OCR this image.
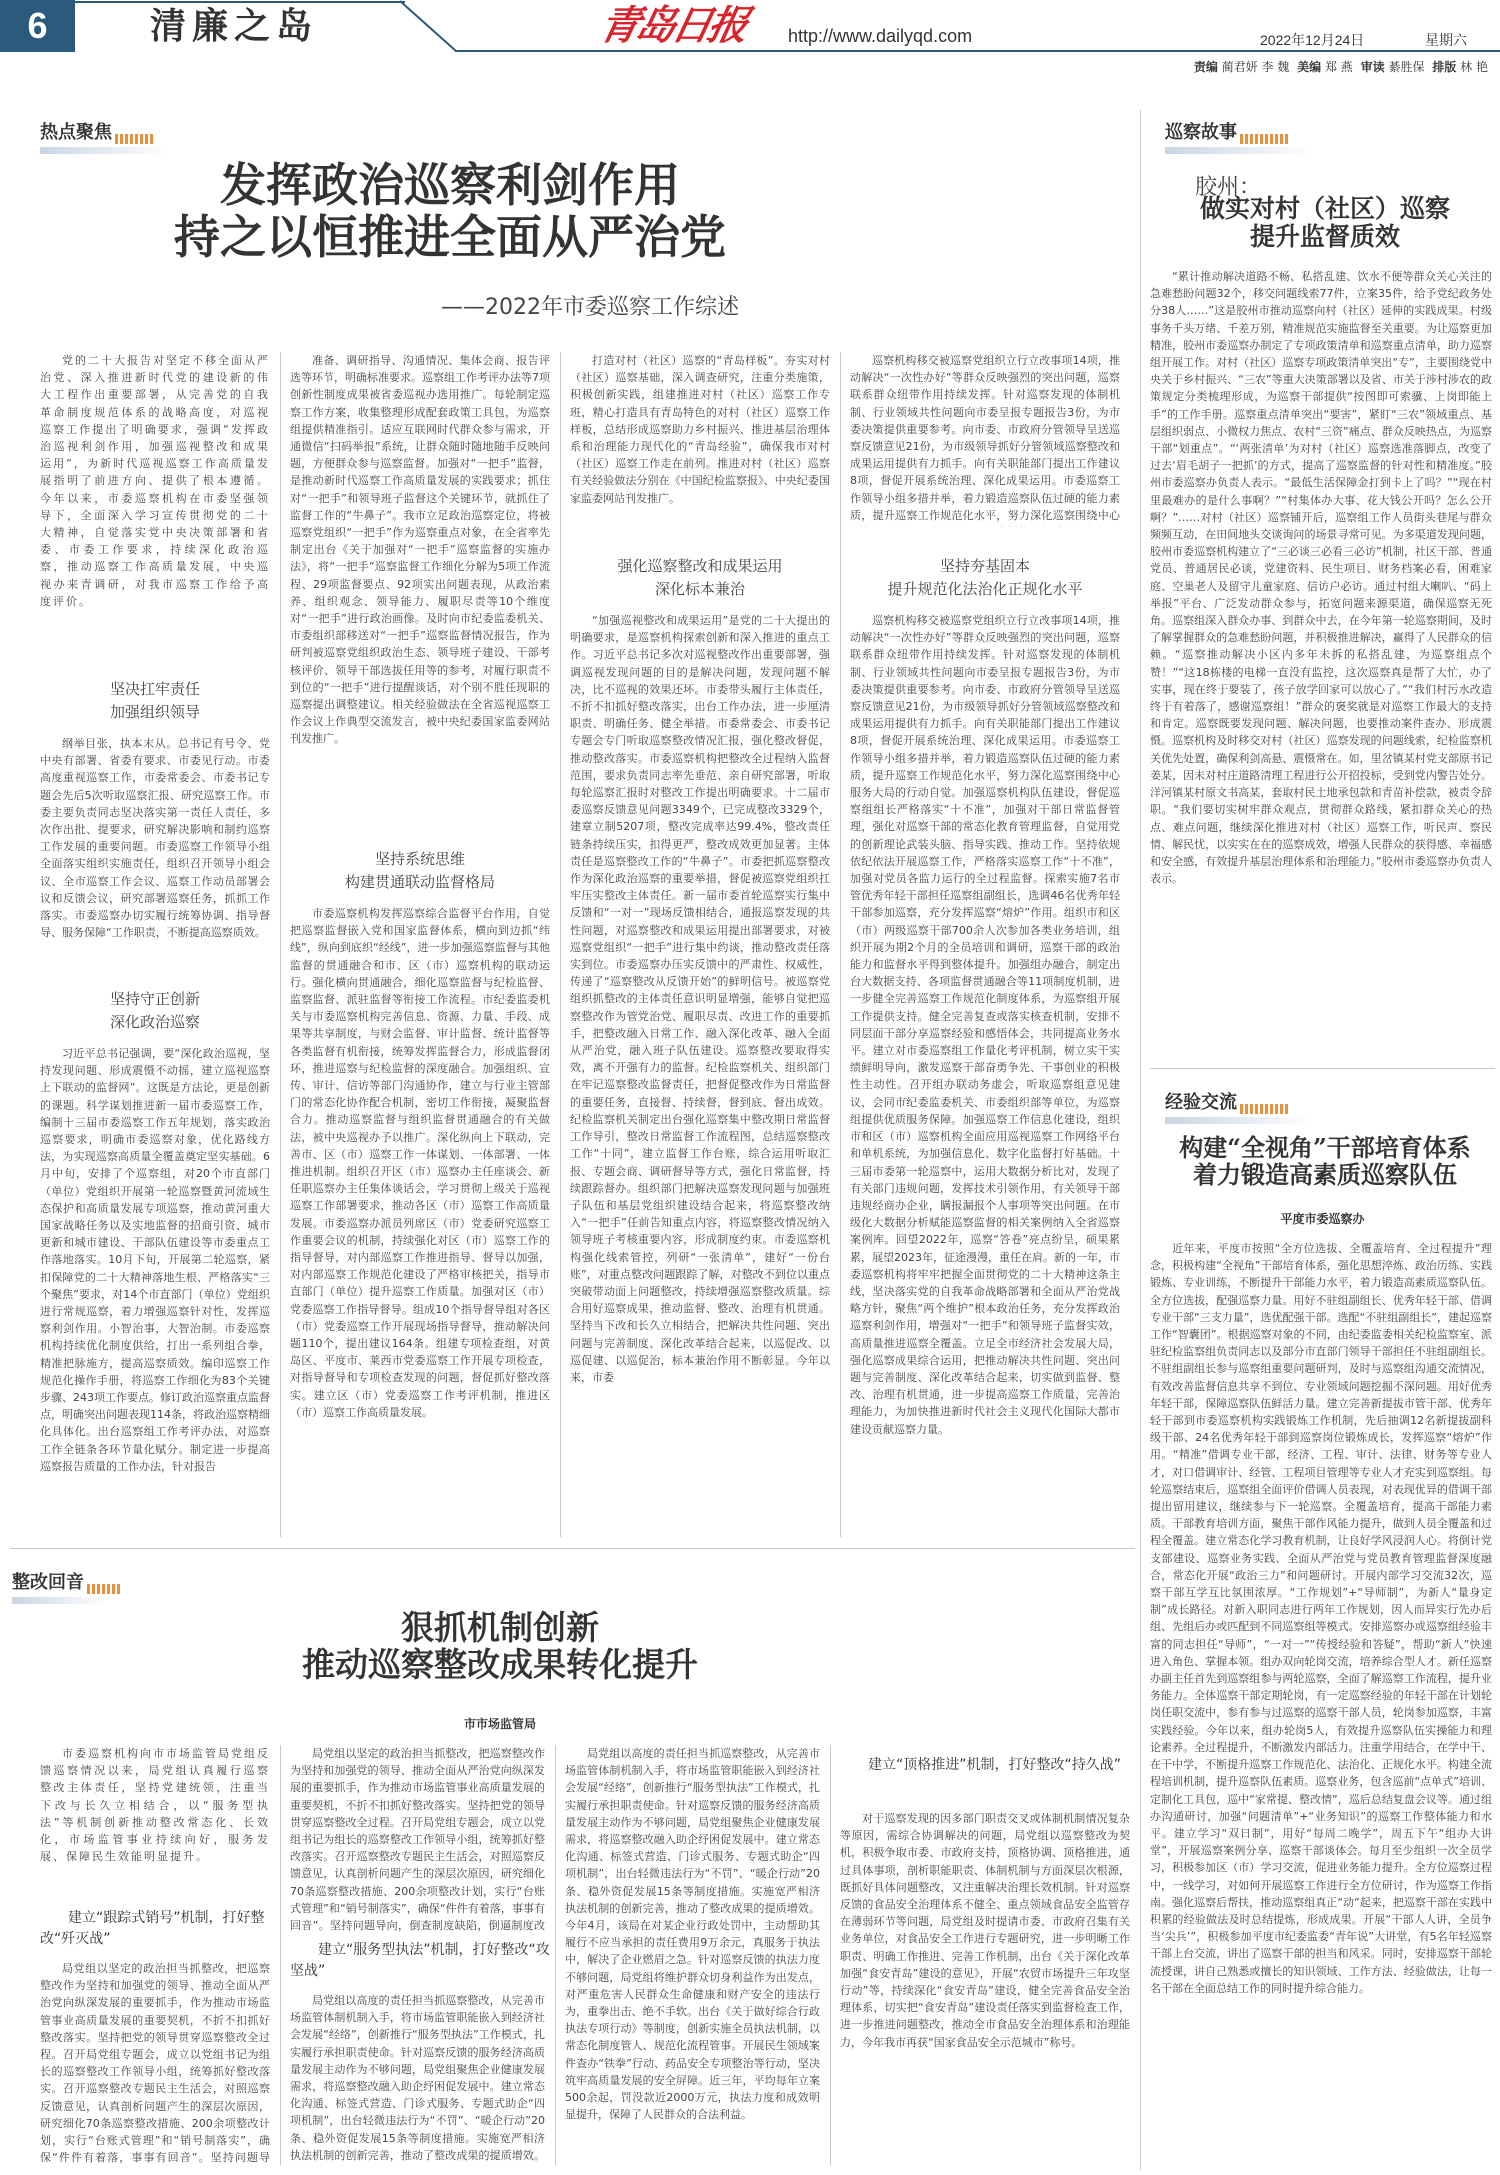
6	清廉之岛	青岛日报 http://www.dailyqd.com	2022年12月24日	星期六
责编 蔺君妍 李 魏 美编 郑 燕 审读 綦胜保 排版 林 艳
热点聚焦
发挥政治巡察利剑作用
持之以恒推进全面从严治党
——2022年市委巡察工作综述

党的二十大报告对坚定不移全面从严治党、深入推进新时代党的建设新的伟大工程作出重要部署，从完善党的自我革命制度规范体系的战略高度，对巡视巡察工作提出了明确要求，强调“发挥政治巡视利剑作用，加强巡视整改和成果运用”，为新时代巡视巡察工作高质量发展指明了前进方向、提供了根本遵循。今年以来，市委巡察机构在市委坚强领导下，全面深入学习宣传贯彻党的二十大精神，自觉落实党中央决策部署和省委、市委工作要求，持续深化政治巡察，推动巡察工作高质量发展，中央巡视办来青调研，对我市巡察工作给予高度评价。

坚决扛牢责任
加强组织领导

纲举目张，执本末从。总书记有号令、党中央有部署、省委有要求、市委见行动。市委高度重视巡察工作，市委常委会、市委书记专题会先后5次听取巡察汇报、研究巡察工作。市委主要负责同志坚决落实第一责任人责任，多次作出批、提要求，研究解决影响和制约巡察工作发展的重要问题。市委巡察工作领导小组全面落实组织实施责任，组织召开领导小组会议、全市巡察工作会议、巡察工作动员部署会议和反馈会议，研究部署巡察任务，抓抓工作落实。市委巡察办切实履行统筹协调、指导督导、服务保障“工作职责，不断提高巡察质效。

坚持守正创新
深化政治巡察

习近平总书记强调，要“深化政治巡视，坚持发现问题、形成震慑不动摇，建立巡视巡察上下联动的监督网”。这既是方法论，更是创新的课题。科学谋划推进新一届市委巡察工作，编制十三届市委巡察工作五年规划，落实政治巡察要求，明确市委巡察对象，优化路线方法，为实现巡察高质量全覆盖奠定坚实基础。6月中旬，安排了个巡察组，对20个市直部门（单位）党组织开展第一轮巡察暨黄河流域生态保护和高质量发展专项巡察，推动黄河重大国家战略任务以及实地监督的招商引资、城市更新和城市建设、干部队伍建设等市委重点工作落地落实。10月下旬，开展第二轮巡察，紧扣保障党的二十大精神落地生根、严格落实“三个聚焦”要求，对14个市直部门（单位）党组织进行常规巡察，着力增强巡察针对性，发挥巡察利剑作用。小智治事，大智治制。市委巡察机构持续优化制度供给，打出一系列组合拳，精准把脉施方，提高巡察质效。编印巡察工作规范化操作手册，将巡察工作细化为83个关键步骤、243项工作要点。修订政治巡察重点监督点，明确突出问题表现114条，将政治巡察精细化具体化。出台巡察组工作考评办法，对巡察工作全链条各环节量化赋分。制定进一步提高巡察报告质量的工作办法，针对报告

准备、调研指导、沟通情况、集体会商、报告评选等环节，明确标准要求。巡察组工作考评办法等7项创新性制度成果被省委巡视办选用推广。每轮制定巡察工作方案，收集整理形成配套政策工具包，为巡察组提供精准指引。适应互联网时代群众参与需求，开通微信“扫码举报”系统，让群众随时随地随手反映问题，方便群众参与巡察监督。加强对“一把手”监督，是推动新时代巡察工作高质量发展的实践要求；抓住对“一把手”和领导班子监督这个关键环节，就抓住了监督工作的“牛鼻子”。我市立足政治巡察定位，将被巡察党组织“一把手”作为巡察重点对象，在全省率先制定出台《关于加强对“一把手”巡察监督的实施办法》，将“一把手”巡察监督工作细化分解为5项工作流程、29项监督要点、92项实出问题表现，从政治素养、组织观念、领导能力、履职尽责等10个维度对“一把手”进行政治画像。及时向市纪委监委机关、市委组织部移送对“一把手”巡察监督情况报告，作为研判被巡察党组织政治生态、领导班子建设、干部考核评价、领导干部选拔任用等的参考，对履行职责不到位的“一把手”进行提醒谈话，对个别不胜任现职的巡察提出调整建议。相关经验做法在全省巡视巡察工作会议上作典型交流发言，被中央纪委国家监委网站刊发推广。

坚持系统思维
构建贯通联动监督格局

市委巡察机构发挥巡察综合监督平台作用，自觉把巡察监督嵌入党和国家监督体系，横向到边抓“纬线”，纵向到底织“经线”，进一步加强巡察监督与其他监督的贯通融合和市、区（市）巡察机构的联动运行。强化横向贯通融合，细化巡察监督与纪检监督、监察监督、派驻监督等衔接工作流程。市纪委监委机关与市委巡察机构完善信息、资源、力量、手段、成果等共享制度，与财会监督、审计监督、统计监督等各类监督有机衔接，统筹发挥监督合力，形成监督闭环，推进巡察与纪检监督的深度融合。加强组织、宣传、审计、信访等部门沟通协作，建立与行业主管部门的常态化协作配合机制，密切工作衔接，凝聚监督合力。推动巡察监督与组织监督贯通融合的有关做法，被中央巡视办予以推广。深化纵向上下联动，完善市、区（市）巡察工作一体谋划、一体部署、一体推进机制。组织召开区（市）巡察办主任座谈会、新任职巡察办主任集体谈话会，学习贯彻上级关于巡视巡察工作部署要求，推动各区（市）巡察工作高质量发展。市委巡察办派员列席区（市）党委研究巡察工作重要会议的机制，持续强化对区（市）巡察工作的指导督导，对内部巡察工作推进指导、督导以加强，对内部巡察工作规范化建设了严格审核把关，指导市直部门（单位）提升巡察工作质量。加强对区（市）党委巡察工作指导督导。组成10个指导督导组对各区（市）党委巡察工作开展现场指导督导，推动解决问题110个，提出建议164条。组建专项检查组，对黄岛区、平度市、莱西市党委巡察工作开展专项检查，对指导督导和专项检查发现的问题，督促抓好整改落实。建立区（市）党委巡察工作考评机制，推进区（市）巡察工作高质量发展。

打造对村（社区）巡察的“青岛样板”。夯实对村（社区）巡察基础，深入调查研究，注重分类施策，积极创新实践，组建推进对村（社区）巡察工作专班，精心打造具有青岛特色的对村（社区）巡察工作样板，总结形成巡察助力乡村振兴、推进基层治理体系和治理能力现代化的“青岛经验”，确保我市对村（社区）巡察工作走在前列。推进对村（社区）巡察有关经验做法分别在《中国纪检监察报》、中央纪委国家监委网站刊发推广。

强化巡察整改和成果运用
深化标本兼治

“加强巡视整改和成果运用”是党的二十大提出的明确要求，是巡察机构探索创新和深入推进的重点工作。习近平总书记多次对巡视整改作出重要部署，强调巡视发现问题的目的是解决问题，发现问题不解决，比不巡视的效果还坏。市委带头履行主体责任，不折不扣抓好整改落实，出台工作办法，进一步厘清职责、明确任务、健全举措。市委常委会、市委书记专题会专门听取巡察整改情况汇报，强化整改督促，推动整改落实。市委巡察机构把整改全过程纳入监督范围，要求负责同志率先垂范、亲自研究部署，听取每轮巡察汇报时对整改工作提出明确要求。十二届市委巡察反馈意见问题3349个，已完成整改3329个，建章立制5207项，整改完成率达99.4%，整改责任链条持续压实，扣得更严，整改成效更加显著。主体责任是巡察整改工作的“牛鼻子”。市委把抓巡察整改作为深化政治巡察的重要举措，督促被巡察党组织扛牢压实整改主体责任。新一届市委首轮巡察实行集中反馈和“一对一”现场反馈相结合，通报巡察发现的共性问题，对巡察整改和成果运用提出部署要求，对被巡察党组织“一把手”进行集中约谈，推动整改责任落实到位。市委巡察办压实反馈中的严肃性、权威性，传递了“巡察整改从反馈开始”的鲜明信号。被巡察党组织抓整改的主体责任意识明显增强，能够自觉把巡察整改作为管党治党、履职尽责、改进工作的重要抓手，把整改融入日常工作、融入深化改革、融入全面从严治党，融入班子队伍建设。巡察整改要取得实效，离不开强有力的监督。纪检监察机关、组织部门在牢记巡察整改监督责任，把督促整改作为日常监督的重要任务，直接督、持续督，督到底、督出成效。纪检监察机关制定出台强化巡察集中整改期日常监督工作导引，整改日常监督工作流程图，总结巡察整改工作“十同”，建立监督工作台账，综合运用听取汇报、专题会商、调研督导等方式，强化日常监督，持续跟踪督办。组织部门把解决巡察发现问题与加强班子队伍和基层党组织建设结合起来，将巡察整改纳入“一把手”任前告知重点内容，将巡察整改情况纳入领导班子考核重要内容，形成制度约束。市委巡察机构强化线索管控，列研“一张清单”，建好“一份台账”，对重点整改问题跟踪了解，对整改不到位以重点突破带动面上问题整改，持续增强巡察整改质量。综合用好巡察成果，推动监督、整改、治理有机贯通。坚持当下改和长久立相结合，把解决共性问题、突出问题与完善制度、深化改革结合起来，以巡促改、以巡促建、以巡促治，标本兼治作用不断彰显。今年以来，市委

坚持夯基固本
提升规范化法治化正规化水平

巡察机构移交被巡察党组织立行立改事项14项，推动解决“一次性办好”等群众反映强烈的突出问题，巡察联系群众纽带作用持续发挥。针对巡察发现的体制机制、行业领域共性问题向市委呈报专题报告3份，为市委决策提供重要参考。向市委、市政府分管领导呈送巡察反馈意见21份，为市级领导抓好分管领域巡察整改和成果运用提供有力抓手。向有关职能部门提出工作建议8项，督促开展系统治理、深化成果运用。市委巡察工作领导小组多措并举，着力锻造巡察队伍过硬的能力素质，提升巡察工作规范化水平，努力深化巡察围绕中心

巡察机构移交被巡察党组织立行立改事项14项，推动解决“一次性办好”等群众反映强烈的突出问题，巡察联系群众纽带作用持续发挥。针对巡察发现的体制机制、行业领域共性问题向市委呈报专题报告3份，为市委决策提供重要参考。向市委、市政府分管领导呈送巡察反馈意见21份，为市级领导抓好分管领域巡察整改和成果运用提供有力抓手。向有关职能部门提出工作建议8项，督促开展系统治理、深化成果运用。市委巡察工作领导小组多措并举，着力锻造巡察队伍过硬的能力素质，提升巡察工作规范化水平，努力深化巡察围绕中心服务大局的行动自觉。加强巡察机构队伍建设，督促巡察组组长严格落实“十不准”，加强对干部日常监督管理，强化对巡察干部的常态化教育管理监督，自觉用党的创新理论武装头脑、指导实践、推动工作。坚持依规依纪依法开展巡察工作，严格落实巡察工作“十不准”，加强对党员各监力运行的全过程监督。探索实施7名市管优秀年轻干部担任巡察组副组长，选调46名优秀年轻干部参加巡察，充分发挥巡察“熔炉”作用。组织市和区（市）两级巡察干部700余人次参加各类业务培训，组织开展为期2个月的全员培训和调研，巡察干部的政治能力和监督水平得到整体提升。加强组办融合，制定出台大数据支持、各项监督贯通融合等11项制度机制，进一步健全完善巡察工作规范化制度体系，为巡察组开展工作提供支持。健全完善复查或落实核查机制，安排不同层面干部分享巡察经验和感悟体会，共同提高业务水平。建立对市委巡察组工作量化考评机制，树立实干实绩鲜明导向，激发巡察干部奋勇争先、干事创业的积极性主动性。召开组办联动务虚会，听取巡察组意见建议，会同市纪委监委机关、市委组织部等单位，为巡察组提供优质服务保障。加强巡察工作信息化建设，组织市和区（市）巡察机构全面应用巡视巡察工作网络平台和单机系统，为加强信息化、数字化监督打好基础。十三届市委第一轮巡察中，运用大数据分析比对，发现了有关部门违规问题，发挥技术引领作用，有关领导干部违规经商办企业，瞒报漏报个人事项等突出问题。在市级化大数据分析赋能巡察监督的相关案例纳入全省巡察案例库。回望2022年，巡察“答卷”亮点纷呈，硕果累累，展望2023年，征途漫漫，重任在肩。新的一年，市委巡察机构将牢牢把握全面贯彻党的二十大精神这条主线，坚决落实党的自我革命战略部署和全面从严治党战略方针，聚焦“两个维护”根本政治任务，充分发挥政治巡察利剑作用，增强对“一把手”和领导班子监督实效，高质量推进巡察全覆盖。立足全市经济社会发展大局，强化巡察成果综合运用，把推动解决共性问题、突出问题与完善制度、深化改革结合起来，切实做到监督、整改、治理有机贯通，进一步提高巡察工作质量，完善治理能力，为加快推进新时代社会主义现代化国际大都市建设贡献巡察力量。

巡察故事
胶州：
做实对村（社区）巡察
提升监督质效

“累计推动解决道路不畅、私搭乱建、饮水不便等群众关心关注的急难愁盼问题32个，移交问题线索77件，立案35件，给予党纪政务处分38人……”这是胶州市推动巡察向村（社区）延伸的实践成果。村级事务千头万绪、千差万别，精准规范实施监督至关重要。为让巡察更加精准，胶州市委巡察办制定了专项政策清单和巡察重点清单，助力巡察组开展工作。对村（社区）巡察专项政策清单突出“专”，主要围绕党中央关于乡村振兴、“三农”等重大决策部署以及省、市关于涉村涉农的政策规定分类梳理形成，为巡察干部提供“按图即可索骥、上岗即能上手”的工作手册。巡察重点清单突出“要害”，紧盯“三农”领域重点、基层组织弱点、小微权力焦点、农村“三资”痛点、群众反映热点，为巡察干部“划重点”。“‘两张清单’为对村（社区）巡察选准落脚点，改变了过去‘眉毛胡子一把抓’的方式，提高了巡察监督的针对性和精准度。”胶州市委巡察办负责人表示。“最低生活保障金打到卡上了吗？”“现在村里最难办的是什么事啊？”“村集体办大事、花大钱公开吗？怎么公开啊？”……对村（社区）巡察铺开后，巡察组工作人员街头巷尾与群众频频互动，在田间地头交谈询问的场景寻常可见。为多渠道发现问题，胶州市委巡察机构建立了“三必谈三必看三必访”机制，社区干部、普通党员、普通居民必谈，党建资料、民生项目、财务档案必看，困难家庭、空巢老人及留守儿童家庭、信访户必访。通过村组大喇叭、“码上举报”平台、广泛发动群众参与，拓宽问题来源渠道，确保巡察无死角。巡察组深入群众办事、到群众中去，在今年第一轮巡察期间，及时了解掌握群众的急难愁盼问题，并积极推进解决，赢得了人民群众的信赖。“巡察推动解决小区内多年未拆的私搭乱建，为巡察组点个赞！”“这18栋楼的电梯一直没有监控，这次巡察真是帮了大忙，办了实事，现在终于要装了，孩子放学回家可以放心了。”“我们村污水改造终于有着落了，感谢巡察组！”群众的褒奖就是对巡察工作最大的支持和肯定。巡察既要发现问题、解决问题，也要推动案件查办、形成震慑。巡察机构及时移交对村（社区）巡察发现的问题线索，纪检监察机关优先处置，确保利剑高悬、震慑常在。如，里岔镇某村党支部原书记姜某，因未对村庄道路清理工程进行公开招投标，受到党内警告处分。洋河镇某村原文书高某，套取村民土地承包款和青苗补偿款，被责令辞职。“我们要切实树牢群众观点，贯彻群众路线，紧扣群众关心的热点、难点问题，继续深化推进对村（社区）巡察工作，听民声、察民情、解民忧，以实实在在的巡察成效，增强人民群众的获得感、幸福感和安全感，有效提升基层治理体系和治理能力。”胶州市委巡察办负责人表示。

经验交流
构建“全视角”干部培育体系
着力锻造高素质巡察队伍
平度市委巡察办

近年来，平度市按照“全方位选拔、全覆盖培育、全过程提升”理念，积极构建“全视角”干部培育体系，强化思想淬炼、政治历练、实践锻炼、专业训练，不断提升干部能力水平，着力锻造高素质巡察队伍。全方位选拔，配强巡察力量。用好不驻组副组长、优秀年轻干部、借调专业干部“三支力量”，选优配强干部。选配“不驻组副组长”，建起巡察工作“智囊团”。根据巡察对象的不同，由纪委监委相关纪检监察室、派驻纪检监察组负责同志以及部分市直部门领导干部担任不驻组副组长。不驻组副组长参与巡察组重要问题研判，及时与巡察组沟通交流情况，有效改善监督信息共享不到位、专业领域问题挖掘不深问题。用好优秀年轻干部，保障巡察队伍鲜活力量。建立完善新提拔市管干部、优秀年轻干部到市委巡察机构实践锻炼工作机制，先后抽调12名新提拔副科级干部、24名优秀年轻干部到巡察岗位锻炼成长，发挥巡察“熔炉”作用。“精准”借调专业干部，经济、工程、审计、法律、财务等专业人才，对口借调审计、经管、工程项目管理等专业人才充实到巡察组。每轮巡察结束后，巡察组全面评价借调人员表现，对表现优异的借调干部提出留用建议，继续参与下一轮巡察。全覆盖培育，提高干部能力素质。干部教育培训方面，聚焦干部作风能力提升，做到人员全覆盖和过程全覆盖。建立常态化学习教育机制，让良好学风浸润人心。将倒计党支部建设、巡察业务实践、全面从严治党与党员教育管理监督深度融合，常态化开展“政治三力”和问题研讨。开展内部学习交流32次，巡察干部互学互比氛围浓厚。“工作规划”+“导师制”，为新人“量身定制”成长路径。对新入职同志进行两年工作规划，因人而异实行先办后组、先组后办或匹配到不同巡察组等模式。安排巡察办或巡察组经验丰富的同志担任“导师”，“一对一”“传授经验和答疑”，帮助“新人”快速进入角色、掌握本领。组办双向轮岗交流，培养综合型人才。新任巡察办副主任首先到巡察组参与两轮巡察，全面了解巡察工作流程，提升业务能力。全体巡察干部定期轮岗，有一定巡察经验的年轻干部在计划轮岗任职交流中，参有参与过巡察的巡察干部人员，轮岗参加巡察，丰富实践经验。今年以来，组办轮岗5人，有效提升巡察队伍实操能力和理论素养。全过程提升，不断激发内部活力。注重学用结合，在学中干、在干中学，不断提升巡察工作规范化、法治化、正规化水平。构建全流程培训机制，提升巡察队伍素质。巡察业务，包含巡前“点单式”培训、定制化工具包，巡中“家常提、整改情”，巡后总结复盘会议等。通过组办沟通研讨，加强“问题清单”+“业务知识”的巡察工作整体能力和水平。建立学习“双日制”，用好“每周二晚学”，周五下午“组办大讲堂”，开展巡察案例分享、巡察干部谈体会。每月至少组织一次全员学习，积极参加区（市）学习交流，促进业务能力提升。全方位巡察过程中，一线学习，对如何开展巡察工作进行全方位研讨，作为巡察工作指南。强化巡察后帮扶，推动巡察组真正“动”起来，把巡察干部在实践中积累的经验做法及时总结提炼，形成成果。开展“干部人人讲，全员争当‘尖兵’”，积极参加平度市纪委监委“青年说”大讲堂，有5名年轻巡察干部上台交流，讲出了巡察干部的担当和风采。同时，安排巡察干部轮流授课，讲自己熟悉或擅长的知识领域、工作方法、经验做法，让每一名干部在全面总结工作的同时提升综合能力。

整改回音
狠抓机制创新
推动巡察整改成果转化提升
市市场监管局

市委巡察机构向市市场监管局党组反馈巡察情况以来，局党组认真履行巡察整改主体责任，坚持党建统领，注重当下改与长久立相结合，以“服务型执法”等机制创新推动整改常态化、长效化，市场监管事业持续向好，服务发展、保障民生效能明显提升。

建立“跟踪式销号”机制，打好整改“歼灭战”

局党组以坚定的政治担当抓整改，把巡察整改作为坚持和加强党的领导、推动全面从严治党向纵深发展的重要抓手，作为推动市场监管事业高质量发展的重要契机，不折不扣抓好整改落实。坚持把党的领导贯穿巡察整改全过程。召开局党组专题会，成立以党组书记为组长的巡察整改工作领导小组，统筹抓好整改落实。召开巡察整改专题民主生活会，对照巡察反馈意见，认真剖析问题产生的深层次原因，研究细化70条巡察整改措施、200余项整改计划，实行“台账式管理”和“销号制落实”，确保“件件有着落，事事有回音”。坚持问题导

局党组以坚定的政治担当抓整改，把巡察整改作为坚持和加强党的领导、推动全面从严治党向纵深发展的重要抓手，作为推动市场监管事业高质量发展的重要契机，不折不扣抓好整改落实。坚持把党的领导贯穿巡察整改全过程。召开局党组专题会，成立以党组书记为组长的巡察整改工作领导小组，统筹抓好整改落实。召开巡察整改专题民主生活会，对照巡察反馈意见，认真剖析问题产生的深层次原因，研究细化70条巡察整改措施、200余项整改计划，实行“台账式管理”和“销号制落实”，确保“件件有着落，事事有回音”。坚持问题导向，倒查制度缺陷，倒逼制度改

建立“服务型执法”机制，打好整改“攻坚战”

局党组以高度的责任担当抓巡察整改，从完善市场监管体制机制入手，将市场监管职能嵌入到经济社会发展“经络”，创新推行“服务型执法”工作模式，扎实履行承担职责使命。针对巡察反馈的服务经济高质量发展主动作为不够问题，局党组聚焦企业健康发展需求，将巡察整改融入助企纾困促发展中。建立常态化沟通、标签式营造、门诊式服务、专题式助企“四项机制”，出台轻微违法行为“不罚”、“暖企行动”20条、稳外资促发展15条等制度措施。实施宽严相济执法机制的创新完善，推动了整改成果的提质增效。

局党组以高度的责任担当抓巡察整改，从完善市场监管体制机制入手，将市场监管职能嵌入到经济社会发展“经络”，创新推行“服务型执法”工作模式，扎实履行承担职责使命。针对巡察反馈的服务经济高质量发展主动作为不够问题，局党组聚焦企业健康发展需求，将巡察整改融入助企纾困促发展中。建立常态化沟通、标签式营造、门诊式服务、专题式助企“四项机制”，出台轻微违法行为“不罚”、“暖企行动”20条、稳外资促发展15条等制度措施。实施宽严相济执法机制的创新完善，推动了整改成果的提质增效。今年4月，该局在对某企业行政处罚中，主动帮助其履行不应当承担的责任费用9万余元，真服务于执法中，解决了企业燃眉之急。针对巡察反馈的执法力度不够问题，局党组将维护群众切身利益作为出发点，对严重危害人民群众生命健康和财产安全的违法行为，重拳出击、绝不手软。出台《关于做好综合行政执法专项行动》等制度，创新实施全员执法机制，以常态化制度管人、规范化流程管事。开展民生领域案件查办“铁拳”行动、药品安全专项整治等行动，坚决筑牢高质量发展的安全屏障。近三年，平均每年立案500余起，罚没款近2000万元，执法力度和成效明显提升，保障了人民群众的合法利益。

建立“顶格推进”机制，打好整改“持久战”

对于巡察发现的因多部门职责交叉或体制机制情况复杂等原因，需综合协调解决的问题，局党组以巡察整改为契机，积极争取市委、市政府支持，顶格协调、顶格推进，通过具体事项，剖析职能职责、体制机制与方面深层次根源，既抓好具体问题整改，又注重解决治理长效机制。针对巡察反馈的食品安全治理体系不健全、重点领域食品安全监管存在薄弱环节等问题，局党组及时提请市委、市政府召集有关业务单位，对食品安全工作进行专题研究，进一步明晰工作职责、明确工作推进、完善工作机制，出台《关于深化改革加强“食安青岛”建设的意见》，开展“农贸市场提升三年攻坚行动”等，持续深化“食安青岛”建设，健全完善食品安全治理体系，切实把“食安青岛”建设责任落实到监督检查工作，进一步推进问题整改，推动全市食品安全治理体系和治理能力，今年我市再获“国家食品安全示范城市”称号。
